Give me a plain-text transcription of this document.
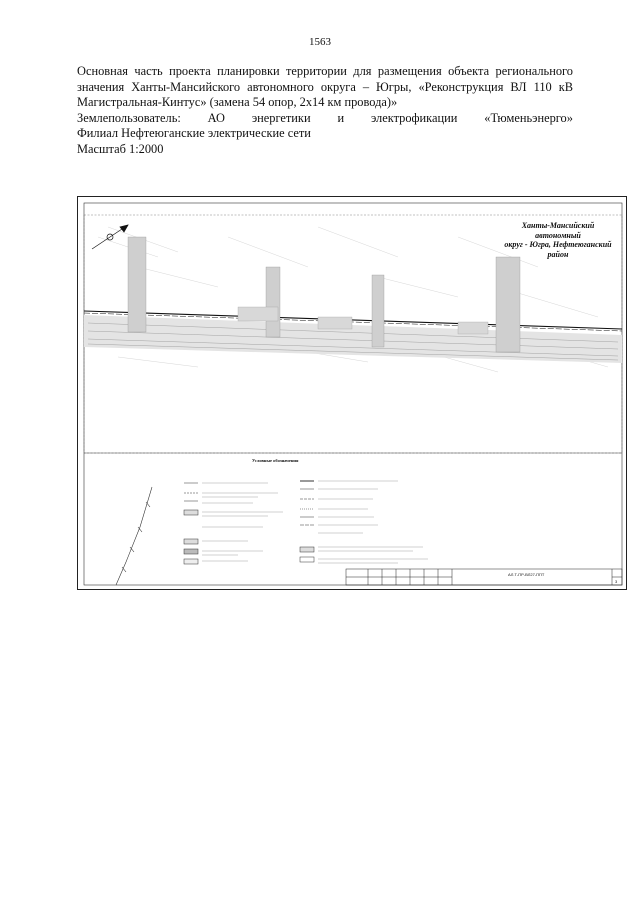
1563

Основная часть проекта планировки территории для размещения объекта регионального

значения Ханты-Мансийского автономного округа – Югры, «Реконструкция ВЛ 110 кВ

Магистральная-Кинтус» (замена 54 опор, 2х14 км провода)»

Землепользователь: АО энергетики и электрофикации «Тюменьэнерго»

Филиал Нефтеюганские электрические сети

Масштаб 1:2000

Ханты-Мансийский автономный
округ - Югра, Нефтеюганский
район
Условные обозначения
АЛ.Т-ПР-ВЛ27-ППТ
3
